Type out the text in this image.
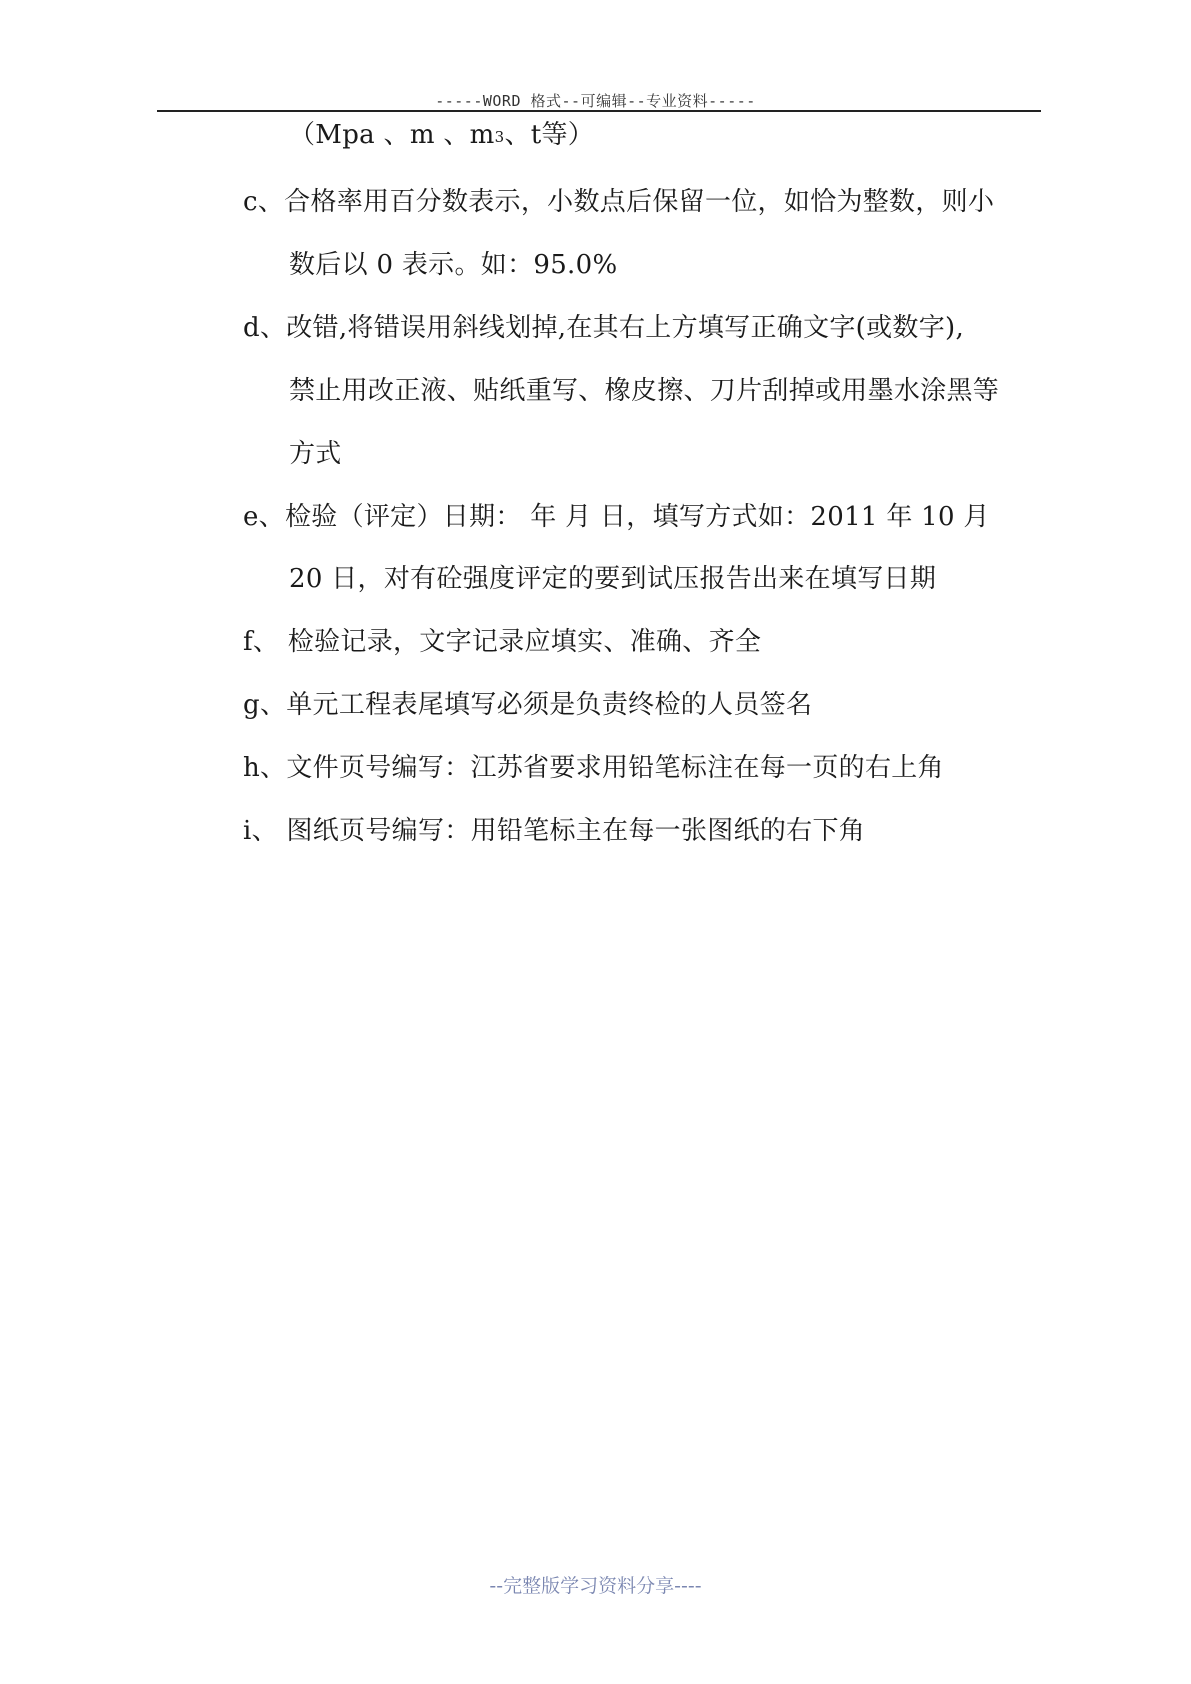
-----WORD 格式--可编辑--专业资料-----
（Mpa 、m 、m3、t等）
c、合格率用百分数表示，小数点后保留一位，如恰为整数，则小
数后以 0 表示。如：95.0%
d、改错,将错误用斜线划掉,在其右上方填写正确文字(或数字),
禁止用改正液、贴纸重写、橡皮擦、刀片刮掉或用墨水涂黑等
方式
e、检验（评定）日期： 年 月 日，填写方式如：2011 年 10 月
20 日，对有砼强度评定的要到试压报告出来在填写日期
f、 检验记录，文字记录应填实、准确、齐全
g、单元工程表尾填写必须是负责终检的人员签名
h、文件页号编写：江苏省要求用铅笔标注在每一页的右上角
i、 图纸页号编写：用铅笔标主在每一张图纸的右下角
--完整版学习资料分享----
